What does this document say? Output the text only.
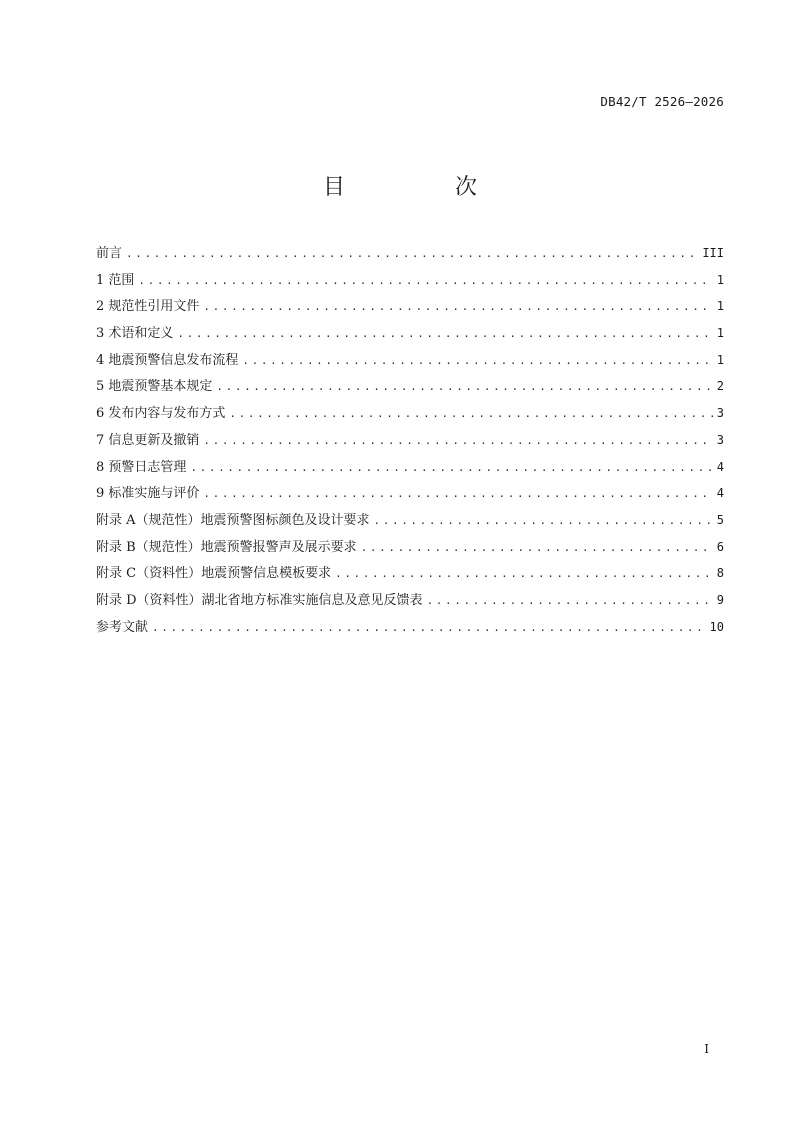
DB42/T 2526—2026
目　次
前言 .....	III
1 范围 .....	1
2 规范性引用文件 .....	1
3 术语和定义 .....	1
4 地震预警信息发布流程 .....	1
5 地震预警基本规定 .....	2
6 发布内容与发布方式 .....	3
7 信息更新及撤销 .....	3
8 预警日志管理 .....	4
9 标准实施与评价 .....	4
附录 A（规范性）地震预警图标颜色及设计要求 .....	5
附录 B（规范性）地震预警报警声及展示要求 .....	6
附录 C（资料性）地震预警信息模板要求 .....	8
附录 D（资料性）湖北省地方标准实施信息及意见反馈表 .....	9
参考文献 .....	10
I
